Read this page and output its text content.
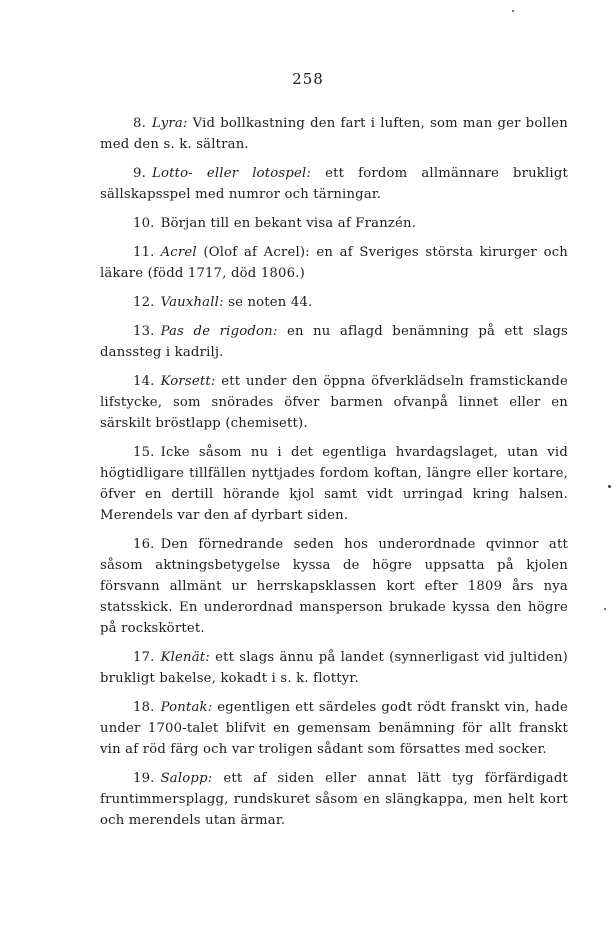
258

8. Lyra: Vid bollkastning den fart i luften, som man ger bollen med den s. k. sältran.

9. Lotto- eller lotospel: ett fordom allmännare brukligt sällskapsspel med numror och tärningar.

10. Början till en bekant visa af Franzén.

11. Acrel (Olof af Acrel): en af Sveriges största kirurger och läkare (född 1717, död 1806.)

12. Vauxhall: se noten 44.

13. Pas de rigodon: en nu aflagd benämning på ett slags danssteg i kadrilj.

14. Korsett: ett under den öppna öfverklädseln framstickande lifstycke, som snörades öfver barmen ofvanpå linnet eller en särskilt bröstlapp (chemisett).

15. Icke såsom nu i det egentliga hvardagslaget, utan vid högtidligare tillfällen nyttjades fordom koftan, längre eller kortare, öfver en dertill hörande kjol samt vidt urringad kring halsen. Merendels var den af dyrbart siden.

16. Den förnedrande seden hos underordnade qvinnor att såsom aktningsbetygelse kyssa de högre uppsatta på kjolen försvann allmänt ur herrskapsklassen kort efter 1809 års nya statsskick. En underordnad mansperson brukade kyssa den högre på rockskörtet.

17. Klenät: ett slags ännu på landet (synnerligast vid jultiden) brukligt bakelse, kokadt i s. k. flottyr.

18. Pontak: egentligen ett särdeles godt rödt franskt vin, hade under 1700-talet blifvit en gemensam benämning för allt franskt vin af röd färg och var troligen sådant som försattes med socker.

19. Salopp: ett af siden eller annat lätt tyg förfärdigadt fruntimmersplagg, rundskuret såsom en slängkappa, men helt kort och merendels utan ärmar.
